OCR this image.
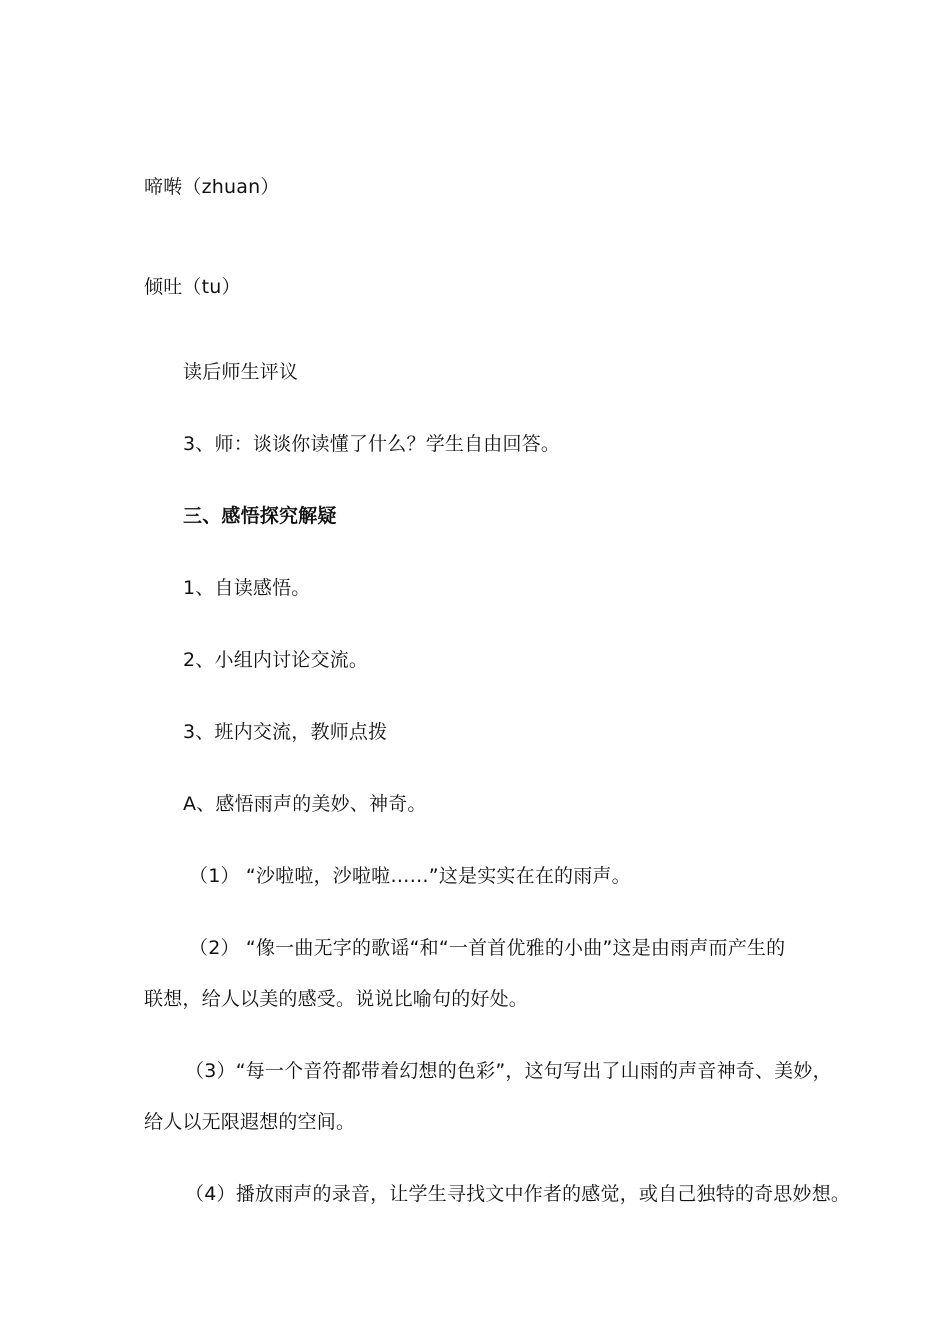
啼啭（zhuan）
倾吐（tu）
读后师生评议
3、师：谈谈你读懂了什么？学生自由回答。
三、感悟探究解疑
1、自读感悟。
2、小组内讨论交流。
3、班内交流，教师点拨
A、感悟雨声的美妙、神奇。
（1） “沙啦啦，沙啦啦……”这是实实在在的雨声。
（2） “像一曲无字的歌谣“和“一首首优雅的小曲”这是由雨声而产生的
联想，给人以美的感受。说说比喻句的好处。
（3）“每一个音符都带着幻想的色彩”，这句写出了山雨的声音神奇、美妙，
给人以无限遐想的空间。
（4）播放雨声的录音，让学生寻找文中作者的感觉，或自己独特的奇思妙想。
